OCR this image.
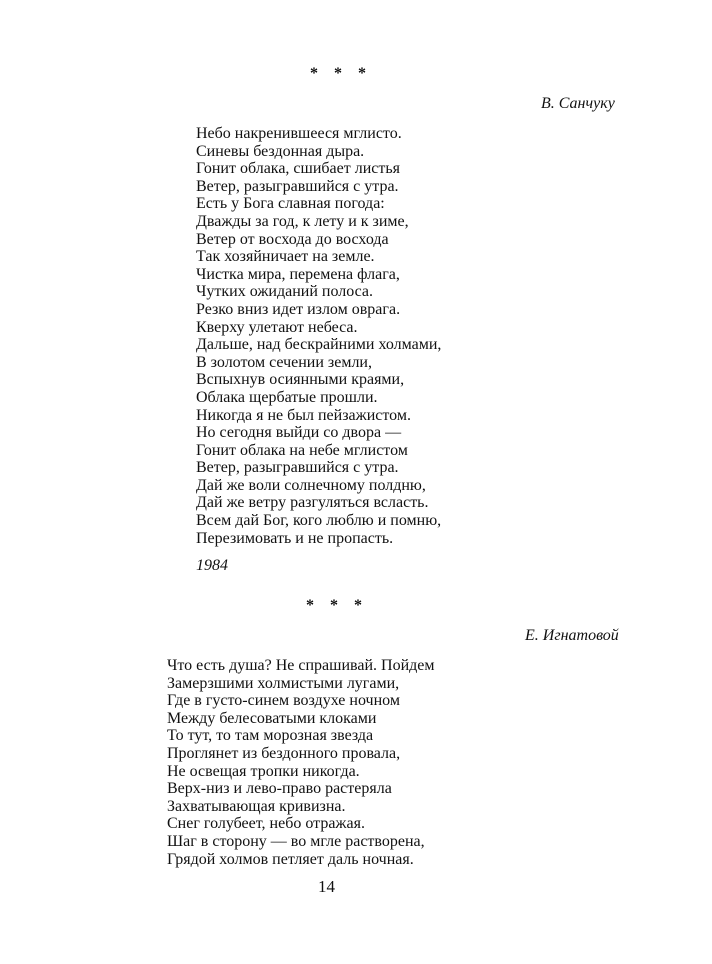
* * *
В. Санчуку
Небо накренившееся мглисто.
Синевы бездонная дыра.
Гонит облака, сшибает листья
Ветер, разыгравшийся с утра.
Есть у Бога славная погода:
Дважды за год, к лету и к зиме,
Ветер от восхода до восхода
Так хозяйничает на земле.
Чистка мира, перемена флага,
Чутких ожиданий полоса.
Резко вниз идет излом оврага.
Кверху улетают небеса.
Дальше, над бескрайними холмами,
В золотом сечении земли,
Вспыхнув осиянными краями,
Облака щербатые прошли.
Никогда я не был пейзажистом.
Но сегодня выйди со двора —
Гонит облака на небе мглистом
Ветер, разыгравшийся с утра.
Дай же воли солнечному полдню,
Дай же ветру разгуляться всласть.
Всем дай Бог, кого люблю и помню,
Перезимовать и не пропасть.
1984
* * *
Е. Игнатовой
Что есть душа? Не спрашивай. Пойдем
Замерзшими холмистыми лугами,
Где в густо-синем воздухе ночном
Между белесоватыми клоками
То тут, то там морозная звезда
Проглянет из бездонного провала,
Не освещая тропки никогда.
Верх-низ и лево-право растеряла
Захватывающая кривизна.
Снег голубеет, небо отражая.
Шаг в сторону — во мгле растворена,
Грядой холмов петляет даль ночная.
14
